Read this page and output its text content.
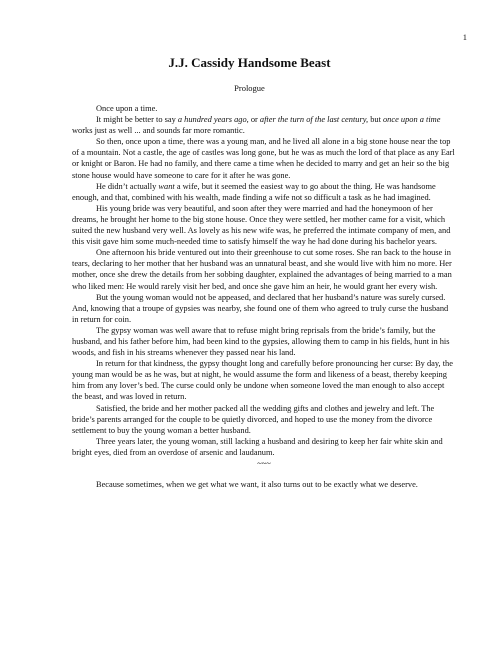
1
J.J. Cassidy Handsome Beast
Prologue

Once upon a time.

It might be better to say a hundred years ago, or after the turn of the last century, but once upon a time works just as well ... and sounds far more romantic.

So then, once upon a time, there was a young man, and he lived all alone in a big stone house near the top of a mountain. Not a castle, the age of castles was long gone, but he was as much the lord of that place as any Earl or knight or Baron. He had no family, and there came a time when he decided to marry and get an heir so the big stone house would have someone to care for it after he was gone.

He didn’t actually want a wife, but it seemed the easiest way to go about the thing. He was handsome enough, and that, combined with his wealth, made finding a wife not so difficult a task as he had imagined.

His young bride was very beautiful, and soon after they were married and had the honeymoon of her dreams, he brought her home to the big stone house. Once they were settled, her mother came for a visit, which suited the new husband very well. As lovely as his new wife was, he preferred the intimate company of men, and this visit gave him some much-needed time to satisfy himself the way he had done during his bachelor years.

One afternoon his bride ventured out into their greenhouse to cut some roses. She ran back to the house in tears, declaring to her mother that her husband was an unnatural beast, and she would live with him no more. Her mother, once she drew the details from her sobbing daughter, explained the advantages of being married to a man who liked men: He would rarely visit her bed, and once she gave him an heir, he would grant her every wish.

But the young woman would not be appeased, and declared that her husband’s nature was surely cursed. And, knowing that a troupe of gypsies was nearby, she found one of them who agreed to truly curse the husband in return for coin.

The gypsy woman was well aware that to refuse might bring reprisals from the bride’s family, but the husband, and his father before him, had been kind to the gypsies, allowing them to camp in his fields, hunt in his woods, and fish in his streams whenever they passed near his land.

In return for that kindness, the gypsy thought long and carefully before pronouncing her curse: By day, the young man would be as he was, but at night, he would assume the form and likeness of a beast, thereby keeping him from any lover’s bed. The curse could only be undone when someone loved the man enough to also accept the beast, and was loved in return.

Satisfied, the bride and her mother packed all the wedding gifts and clothes and jewelry and left. The bride’s parents arranged for the couple to be quietly divorced, and hoped to use the money from the divorce settlement to buy the young woman a better husband.

Three years later, the young woman, still lacking a husband and desiring to keep her fair white skin and bright eyes, died from an overdose of arsenic and laudanum.

~~~

Because sometimes, when we get what we want, it also turns out to be exactly what we deserve.
